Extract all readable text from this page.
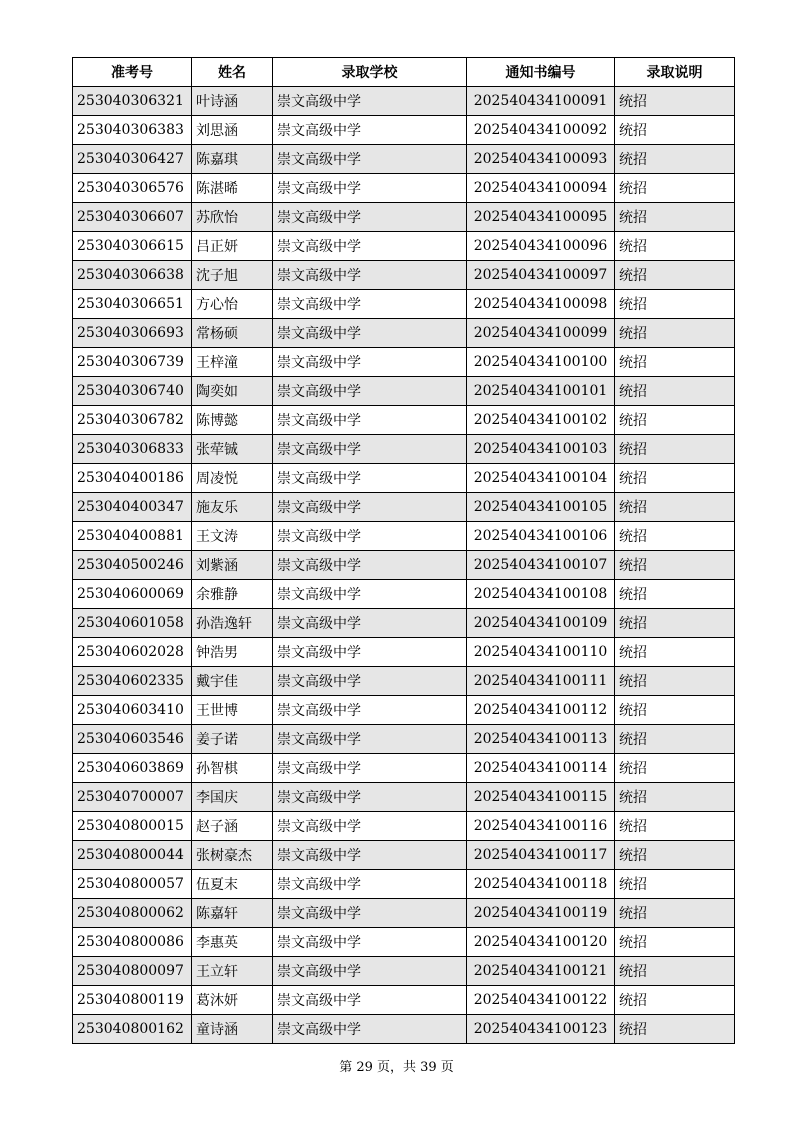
准考号	姓名	录取学校	通知书编号	录取说明
253040306321	叶诗涵	崇文高级中学	202540434100091	统招
253040306383	刘思涵	崇文高级中学	202540434100092	统招
253040306427	陈嘉琪	崇文高级中学	202540434100093	统招
253040306576	陈湛晞	崇文高级中学	202540434100094	统招
253040306607	苏欣怡	崇文高级中学	202540434100095	统招
253040306615	吕正妍	崇文高级中学	202540434100096	统招
253040306638	沈子旭	崇文高级中学	202540434100097	统招
253040306651	方心怡	崇文高级中学	202540434100098	统招
253040306693	常杨硕	崇文高级中学	202540434100099	统招
253040306739	王梓潼	崇文高级中学	202540434100100	统招
253040306740	陶奕如	崇文高级中学	202540434100101	统招
253040306782	陈博懿	崇文高级中学	202540434100102	统招
253040306833	张荦铖	崇文高级中学	202540434100103	统招
253040400186	周凌悦	崇文高级中学	202540434100104	统招
253040400347	施友乐	崇文高级中学	202540434100105	统招
253040400881	王文涛	崇文高级中学	202540434100106	统招
253040500246	刘紫涵	崇文高级中学	202540434100107	统招
253040600069	余雅静	崇文高级中学	202540434100108	统招
253040601058	孙浩逸轩	崇文高级中学	202540434100109	统招
253040602028	钟浩男	崇文高级中学	202540434100110	统招
253040602335	戴宇佳	崇文高级中学	202540434100111	统招
253040603410	王世博	崇文高级中学	202540434100112	统招
253040603546	姜子诺	崇文高级中学	202540434100113	统招
253040603869	孙智棋	崇文高级中学	202540434100114	统招
253040700007	李国庆	崇文高级中学	202540434100115	统招
253040800015	赵子涵	崇文高级中学	202540434100116	统招
253040800044	张树豪杰	崇文高级中学	202540434100117	统招
253040800057	伍夏末	崇文高级中学	202540434100118	统招
253040800062	陈嘉轩	崇文高级中学	202540434100119	统招
253040800086	李惠英	崇文高级中学	202540434100120	统招
253040800097	王立轩	崇文高级中学	202540434100121	统招
253040800119	葛沐妍	崇文高级中学	202540434100122	统招
253040800162	童诗涵	崇文高级中学	202540434100123	统招
第 29 页，共 39 页
